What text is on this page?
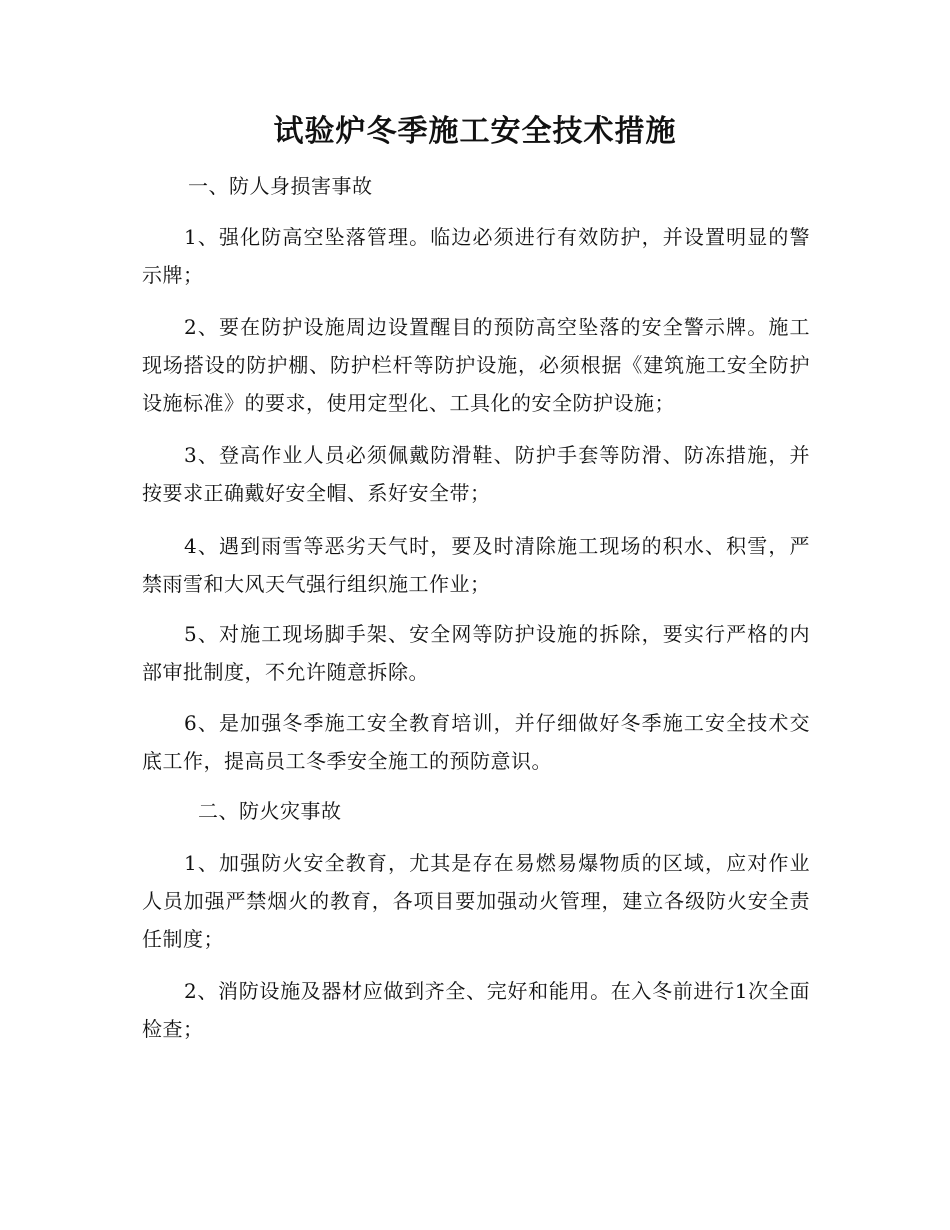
试验炉冬季施工安全技术措施
一、防人身损害事故
1、强化防高空坠落管理。临边必须进行有效防护，并设置明显的警示牌；
2、要在防护设施周边设置醒目的预防高空坠落的安全警示牌。施工现场搭设的防护棚、防护栏杆等防护设施，必须根据《建筑施工安全防护设施标准》的要求，使用定型化、工具化的安全防护设施；
3、登高作业人员必须佩戴防滑鞋、防护手套等防滑、防冻措施，并按要求正确戴好安全帽、系好安全带；
4、遇到雨雪等恶劣天气时，要及时清除施工现场的积水、积雪，严禁雨雪和大风天气强行组织施工作业；
5、对施工现场脚手架、安全网等防护设施的拆除，要实行严格的内部审批制度，不允许随意拆除。
6、是加强冬季施工安全教育培训，并仔细做好冬季施工安全技术交底工作，提高员工冬季安全施工的预防意识。
二、防火灾事故
1、加强防火安全教育，尤其是存在易燃易爆物质的区域，应对作业人员加强严禁烟火的教育，各项目要加强动火管理，建立各级防火安全责任制度；
2、消防设施及器材应做到齐全、完好和能用。在入冬前进行1次全面检查；
